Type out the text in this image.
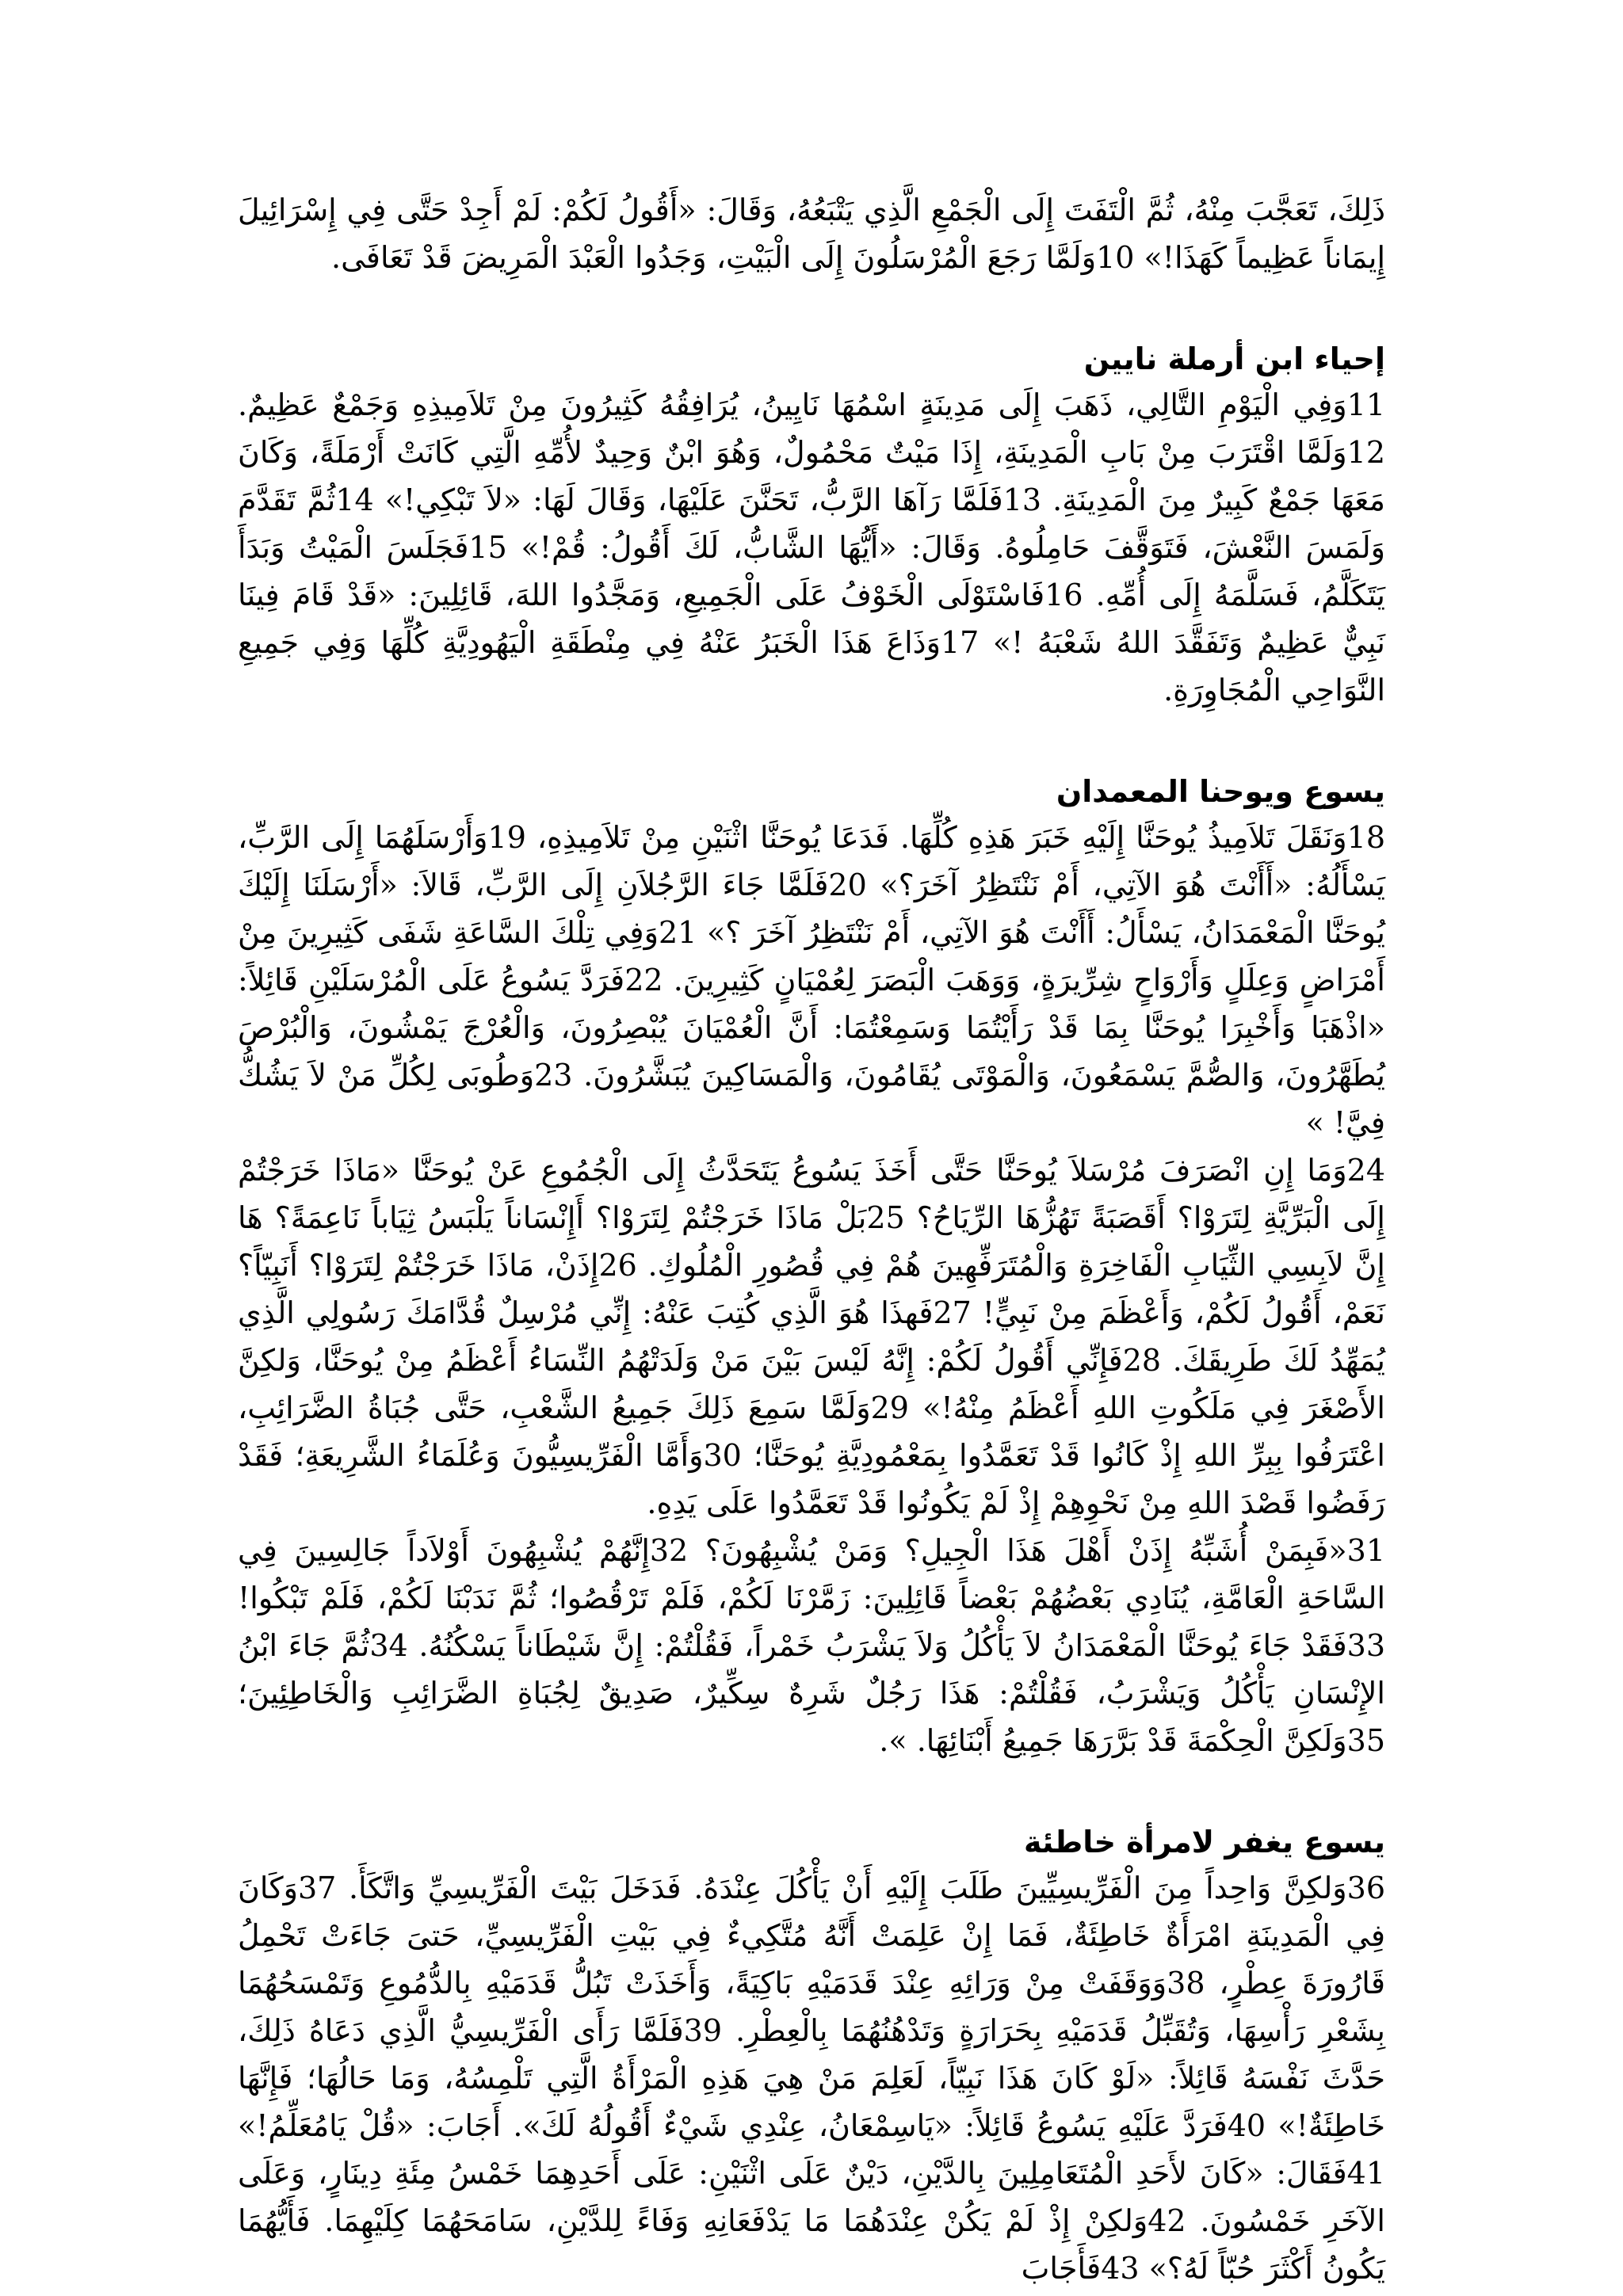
ذَلِكَ، تَعَجَّبَ مِنْهُ، ثُمَّ الْتَفَتَ إِلَى الْجَمْعِ الَّذِي يَتْبَعُهُ، وَقَالَ: «أَقُولُ لَكُمْ: لَمْ أَجِدْ حَتَّى فِي إِسْرَائِيلَ إِيمَاناً عَظِيماً كَهَذَا!» 10وَلَمَّا رَجَعَ الْمُرْسَلُونَ إِلَى الْبَيْتِ، وَجَدُوا الْعَبْدَ الْمَرِيضَ قَدْ تَعَافَى.

إحياء ابن أرملة نايين

11وَفِي الْيَوْمِ التَّالِي، ذَهَبَ إِلَى مَدِينَةٍ اسْمُهَا نَايِينُ، يُرَافِقُهُ كَثِيرُونَ مِنْ تَلاَمِيذِهِ وَجَمْعٌ عَظِيمٌ. 12وَلَمَّا اقْتَرَبَ مِنْ بَابِ الْمَدِينَةِ، إِذَا مَيْتٌ مَحْمُولٌ، وَهُوَ ابْنٌ وَحِيدٌ لأُمِّهِ الَّتِي كَانَتْ أَرْمَلَةً، وَكَانَ مَعَهَا جَمْعٌ كَبِيرٌ مِنَ الْمَدِينَةِ. 13فَلَمَّا رَآهَا الرَّبُّ، تَحَنَّنَ عَلَيْهَا، وَقَالَ لَهَا: «لاَ تَبْكِي!» 14ثُمَّ تَقَدَّمَ وَلَمَسَ النَّعْشَ، فَتَوَقَّفَ حَامِلُوهُ. وَقَالَ: «أَيُّهَا الشَّابُّ، لَكَ أَقُولُ: قُمْ!» 15فَجَلَسَ الْمَيْتُ وَبَدَأَ يَتَكَلَّمُ، فَسَلَّمَهُ إِلَى أُمِّهِ. 16فَاسْتَوْلَى الْخَوْفُ عَلَى الْجَمِيعِ، وَمَجَّدُوا اللهَ، قَائِلِينَ: «قَدْ قَامَ فِينَا نَبِيٌّ عَظِيمٌ وَتَفَقَّدَ اللهُ شَعْبَهُ !» 17وَذَاعَ هَذَا الْخَبَرُ عَنْهُ فِي مِنْطَقَةِ الْيَهُودِيَّةِ كُلِّهَا وَفِي جَمِيعِ النَّوَاحِي الْمُجَاوِرَةِ.

يسوع ويوحنا المعمدان

18وَنَقَلَ تَلاَمِيذُ يُوحَنَّا إِلَيْهِ خَبَرَ هَذِهِ كُلِّهَا. فَدَعَا يُوحَنَّا اثْنَيْنِ مِنْ تَلاَمِيذِهِ، 19وَأَرْسَلَهُمَا إِلَى الرَّبِّ، يَسْأَلُهُ: «أَأَنْتَ هُوَ الآتِي، أَمْ نَنْتَظِرُ آخَرَ؟» 20فَلَمَّا جَاءَ الرَّجُلاَنِ إِلَى الرَّبِّ، قَالاَ: «أَرْسَلَنَا إِلَيْكَ يُوحَنَّا الْمَعْمَدَانُ، يَسْأَلُ: أَأَنْتَ هُوَ الآتِي، أَمْ نَنْتَظِرُ آخَرَ ؟» 21وَفِي تِلْكَ السَّاعَةِ شَفَى كَثِيرِينَ مِنْ أَمْرَاضٍ وَعِلَلٍ وَأَرْوَاحٍ شِرِّيرَةٍ، وَوَهَبَ الْبَصَرَ لِعُمْيَانٍ كَثِيرِينَ. 22فَرَدَّ يَسُوعُ عَلَى الْمُرْسَلَيْنِ قَائِلاً: «اذْهَبَا وَأَخْبِرَا يُوحَنَّا بِمَا قَدْ رَأَيْتُمَا وَسَمِعْتُمَا: أَنَّ الْعُمْيَانَ يُبْصِرُونَ، وَالْعُرْجَ يَمْشُونَ، وَالْبُرْصَ يُطَهَّرُونَ، وَالصُّمَّ يَسْمَعُونَ، وَالْمَوْتَى يُقَامُونَ، وَالْمَسَاكِينَ يُبَشَّرُونَ. 23وَطُوبَى لِكُلِّ مَنْ لاَ يَشُكُّ فِيَّ! »

24وَمَا إِنِ انْصَرَفَ مُرْسَلاَ يُوحَنَّا حَتَّى أَخَذَ يَسُوعُ يَتَحَدَّثُ إِلَى الْجُمُوعِ عَنْ يُوحَنَّا «مَاذَا خَرَجْتُمْ إِلَى الْبَرِّيَّةِ لِتَرَوْا؟ أَقَصَبَةً تَهُزُّهَا الرِّيَاحُ؟ 25بَلْ مَاذَا خَرَجْتُمْ لِتَرَوْا؟ أَإِنْسَاناً يَلْبَسُ ثِيَاباً نَاعِمَةً؟ هَا إِنَّ لاَبِسِي الثِّيَابِ الْفَاخِرَةِ وَالْمُتَرَفِّهِينَ هُمْ فِي قُصُورِ الْمُلُوكِ. 26إِذَنْ، مَاذَا خَرَجْتُمْ لِتَرَوْا؟ أَنَبِيّاً؟ نَعَمْ، أَقُولُ لَكُمْ، وَأَعْظَمَ مِنْ نَبِيٍّ! 27فَهذَا هُوَ الَّذِي كُتِبَ عَنْهُ: إِنِّي مُرْسِلٌ قُدَّامَكَ رَسُولِي الَّذِي يُمَهِّدُ لَكَ طَرِيقَكَ. 28فَإِنِّي أَقُولُ لَكُمْ: إِنَّهُ لَيْسَ بَيْنَ مَنْ وَلَدَتْهُمُ النِّسَاءُ أَعْظَمُ مِنْ يُوحَنَّا، وَلكِنَّ الأَصْغَرَ فِي مَلَكُوتِ اللهِ أَعْظَمُ مِنْهُ!» 29وَلَمَّا سَمِعَ ذَلِكَ جَمِيعُ الشَّعْبِ، حَتَّى جُبَاةُ الضَّرَائِبِ، اعْتَرَفُوا بِبِرِّ اللهِ إِذْ كَانُوا قَدْ تَعَمَّدُوا بِمَعْمُودِيَّةِ يُوحَنَّا؛ 30وَأَمَّا الْفَرِّيسِيُّونَ وَعُلَمَاءُ الشَّرِيعَةِ؛ فَقَدْ رَفَضُوا قَصْدَ اللهِ مِنْ نَحْوِهِمْ إِذْ لَمْ يَكُونُوا قَدْ تَعَمَّدُوا عَلَى يَدِهِ.

31«فَبِمَنْ أُشَبِّهُ إِذَنْ أَهْلَ هَذَا الْجِيلِ؟ وَمَنْ يُشْبِهُونَ؟ 32إِنَّهُمْ يُشْبِهُونَ أَوْلاَداً جَالِسِينَ فِي السَّاحَةِ الْعَامَّةِ، يُنَادِي بَعْضُهُمْ بَعْضاً قَائِلِينَ: زَمَّرْنَا لَكُمْ، فَلَمْ تَرْقُصُوا؛ ثُمَّ نَدَبْنَا لَكُمْ، فَلَمْ تَبْكُوا! 33فَقَدْ جَاءَ يُوحَنَّا الْمَعْمَدَانُ لاَ يَأْكُلُ وَلاَ يَشْرَبُ خَمْراً، فَقُلْتُمْ: إِنَّ شَيْطَاناً يَسْكُنُهُ. 34ثُمَّ جَاءَ ابْنُ الإِنْسَانِ يَأْكُلُ وَيَشْرَبُ، فَقُلْتُمْ: هَذَا رَجُلٌ شَرِهٌ سِكِّيرٌ، صَدِيقٌ لِجُبَاةِ الضَّرَائِبِ وَالْخَاطِئِينَ؛ 35وَلَكِنَّ الْحِكْمَةَ قَدْ بَرَّرَهَا جَمِيعُ أَبْنَائِهَا. ».

يسوع يغفر لامرأة خاطئة

36وَلكِنَّ وَاحِداً مِنَ الْفَرِّيسِيِّينَ طَلَبَ إِلَيْهِ أَنْ يَأْكُلَ عِنْدَهُ. فَدَخَلَ بَيْتَ الْفَرِّيسِيِّ وَاتَّكَأَ. 37وَكَانَ فِي الْمَدِينَةِ امْرَأَةٌ خَاطِئَةٌ، فَمَا إِنْ عَلِمَتْ أَنَّهُ مُتَّكِيءٌ فِي بَيْتِ الْفَرِّيسِيِّ، حَتىَ جَاءَتْ تَحْمِلُ قَارُورَةَ عِطْرٍ، 38وَوَقَفَتْ مِنْ وَرَائِهِ عِنْدَ قَدَمَيْهِ بَاكِيَةً، وَأَخَذَتْ تَبُلُّ قَدَمَيْهِ بِالدُّمُوعِ وَتَمْسَحُهُمَا بِشَعْرِ رَأْسِهَا، وَتُقَبِّلُ قَدَمَيْهِ بِحَرَارَةٍ وَتَدْهُنُهُمَا بِالْعِطْرِ. 39فَلَمَّا رَأَى الْفَرِّيسِيُّ الَّذِي دَعَاهُ ذَلِكَ، حَدَّثَ نَفْسَهُ قَائِلاً: «لَوْ كَانَ هَذَا نَبِيّاً، لَعَلِمَ مَنْ هِيَ هَذِهِ الْمَرْأَةُ الَّتِي تَلْمِسُهُ، وَمَا حَالُهَا؛ فَإِنَّهَا خَاطِئَةٌ!» 40فَرَدَّ عَلَيْهِ يَسُوعُ قَائِلاً: «يَاسِمْعَانُ، عِنْدِي شَيْءٌ أَقُولُهُ لَكَ». أَجَابَ: «قُلْ يَامُعَلِّمُ!» 41فَقَالَ: «كَانَ لأَحَدِ الْمُتَعَامِلِينَ بِالدَّيْنِ، دَيْنٌ عَلَى اثْنَيْنِ: عَلَى أَحَدِهِمَا خَمْسُ مِئَةِ دِينَارٍ، وَعَلَى الآخَرِ خَمْسُونَ. 42وَلكِنْ إِذْ لَمْ يَكُنْ عِنْدَهُمَا مَا يَدْفَعَانِهِ وَفَاءً لِلدَّيْنِ، سَامَحَهُمَا كِلَيْهِمَا. فَأَيُّهُمَا يَكُونُ أَكْثَرَ حُبّاً لَهُ؟» 43فَأَجَابَ
